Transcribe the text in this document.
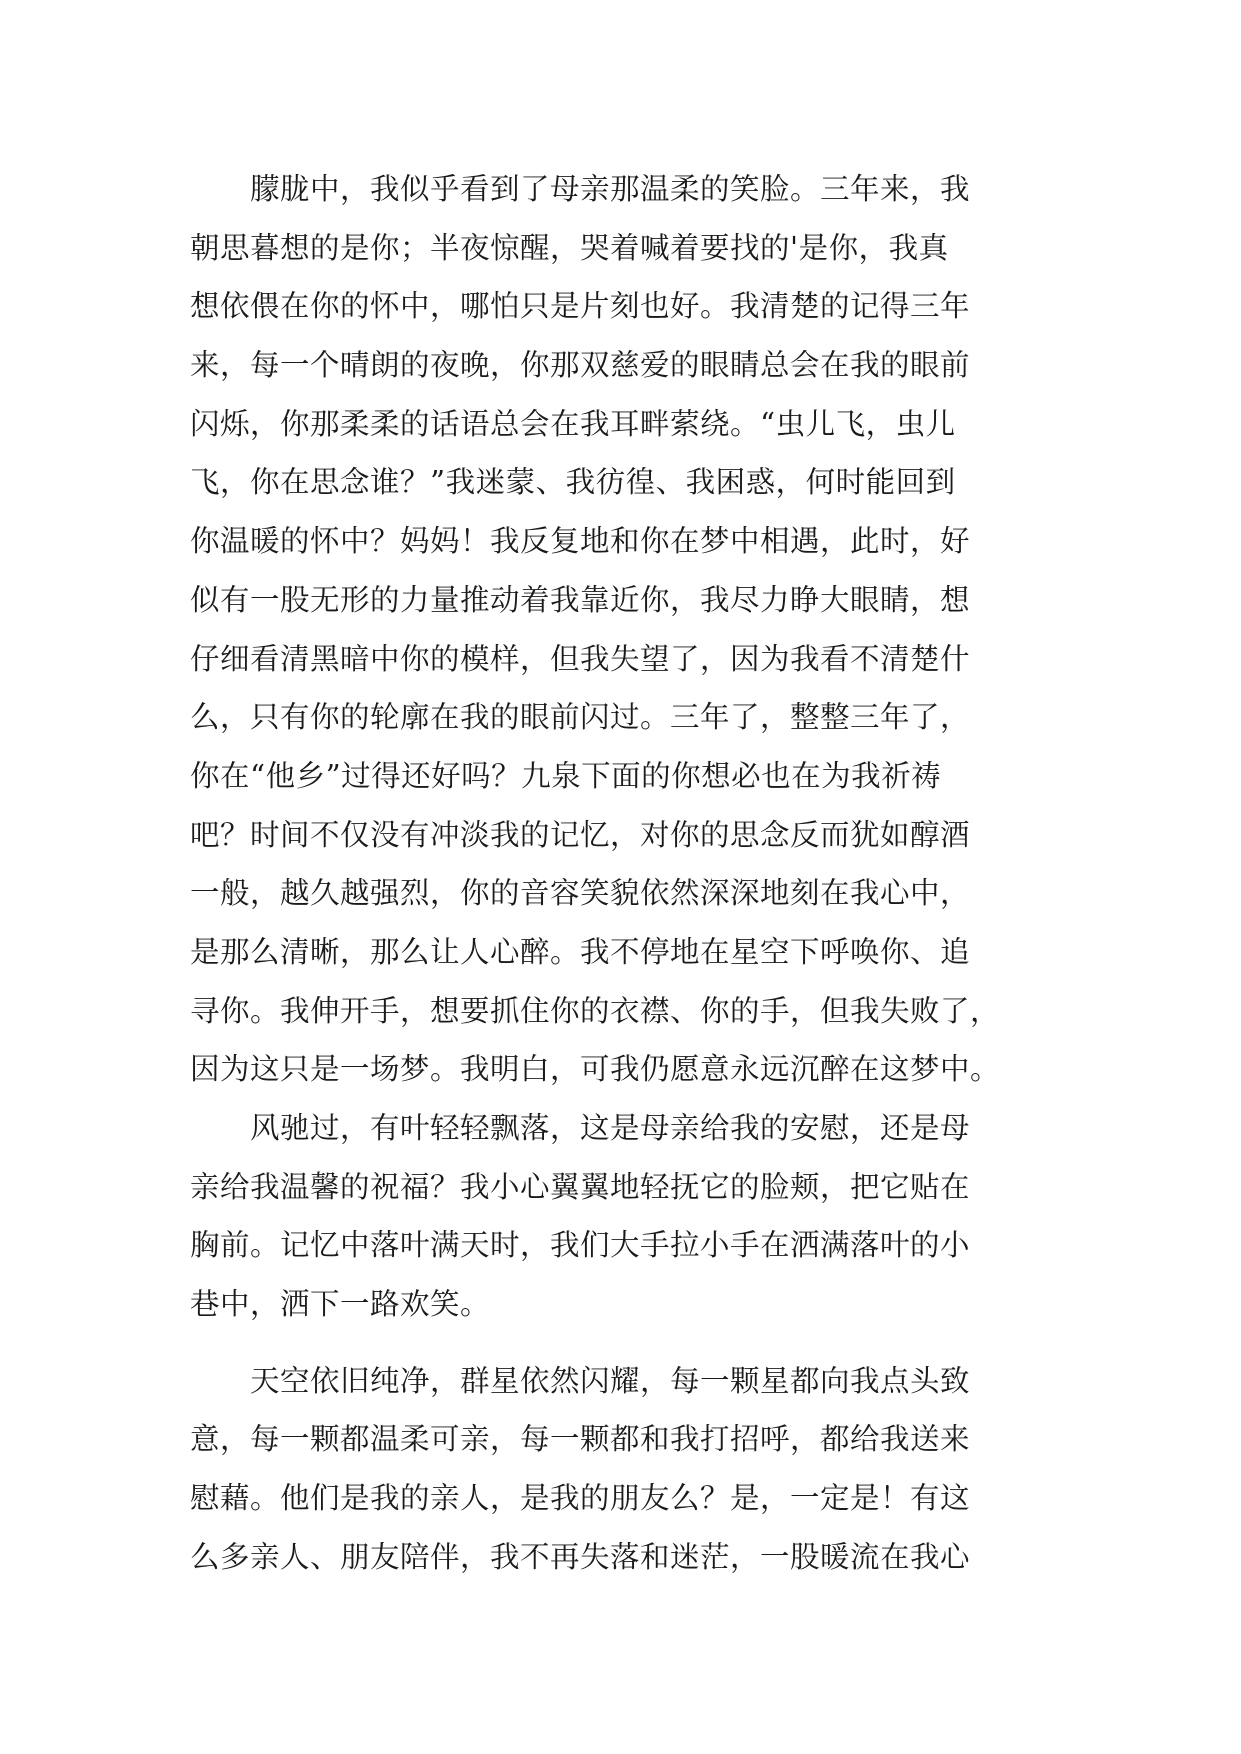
　　朦胧中，我似乎看到了母亲那温柔的笑脸。三年来，我
朝思暮想的是你；半夜惊醒，哭着喊着要找的'是你，我真
想依偎在你的怀中，哪怕只是片刻也好。我清楚的记得三年
来，每一个晴朗的夜晚，你那双慈爱的眼睛总会在我的眼前
闪烁，你那柔柔的话语总会在我耳畔萦绕。“虫儿飞，虫儿
飞，你在思念谁？”我迷蒙、我彷徨、我困惑，何时能回到
你温暖的怀中？妈妈！我反复地和你在梦中相遇，此时，好
似有一股无形的力量推动着我靠近你，我尽力睁大眼睛，想
仔细看清黑暗中你的模样，但我失望了，因为我看不清楚什
么，只有你的轮廓在我的眼前闪过。三年了，整整三年了，
你在“他乡”过得还好吗？九泉下面的你想必也在为我祈祷
吧？时间不仅没有冲淡我的记忆，对你的思念反而犹如醇酒
一般，越久越强烈，你的音容笑貌依然深深地刻在我心中，
是那么清晰，那么让人心醉。我不停地在星空下呼唤你、追
寻你。我伸开手，想要抓住你的衣襟、你的手，但我失败了，
因为这只是一场梦。我明白，可我仍愿意永远沉醉在这梦中。
　　风驰过，有叶轻轻飘落，这是母亲给我的安慰，还是母
亲给我温馨的祝福？我小心翼翼地轻抚它的脸颊，把它贴在
胸前。记忆中落叶满天时，我们大手拉小手在洒满落叶的小
巷中，洒下一路欢笑。
　　天空依旧纯净，群星依然闪耀，每一颗星都向我点头致
意，每一颗都温柔可亲，每一颗都和我打招呼，都给我送来
慰藉。他们是我的亲人，是我的朋友么？是，一定是！有这
么多亲人、朋友陪伴，我不再失落和迷茫，一股暖流在我心
